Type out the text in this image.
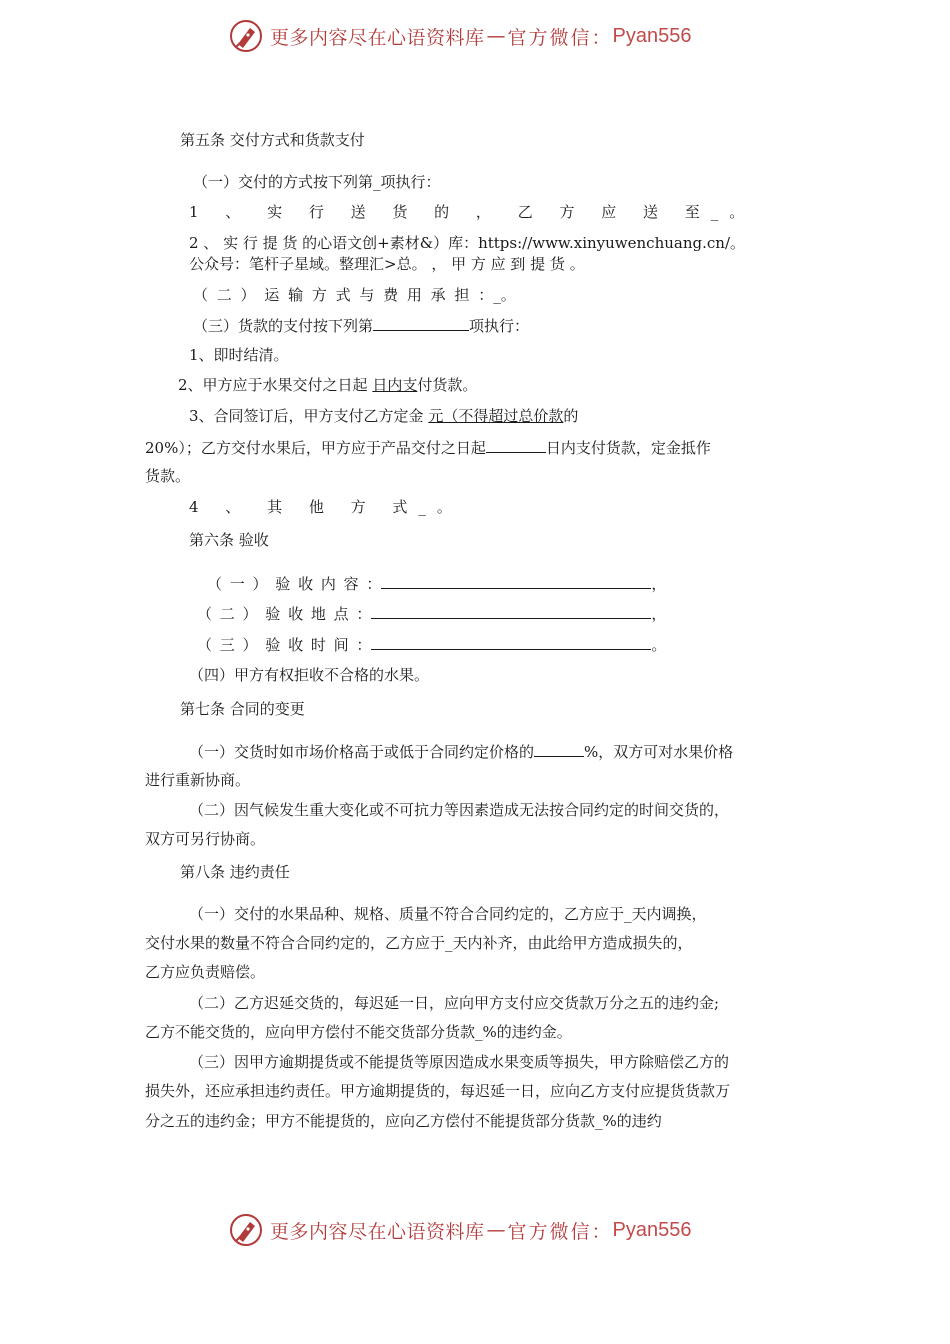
更多内容尽在心语资料库 — 官方微信： Pyan556
第五条 交付方式和货款支付
（一）交付的方式按下列第_项执行：
1 、 实 行 送 货 的 ， 乙 方 应 送 至_。
2 、 实 行 提 货 的心语文创+素材&）库：https://www.xinyuwenchuang.cn/。
公众号：笔杆子星域。整理汇>总。 ， 甲 方 应 到 提 货 。
（ 二 ） 运 输 方 式 与 费 用 承 担 ：_。
（三）货款的支付按下列第	项执行：
1、即时结清。
2、甲方应于水果交付之日起 日内支付货款。
3、合同签订后，甲方支付乙方定金 元（不得超过总价款的
20%）；乙方交付水果后，甲方应于产品交付之日起	日内支付货款，定金抵作
货款。
4 、 其 他 方 式_。
第六条 验收
（ 一 ） 验 收 内 容 ：	，
（ 二 ） 验 收 地 点 ：	，
（ 三 ） 验 收 时 间 ：	。
（四）甲方有权拒收不合格的水果。
第七条 合同的变更
（一）交货时如市场价格高于或低于合同约定价格的	%，双方可对水果价格
进行重新协商。
（二）因气候发生重大变化或不可抗力等因素造成无法按合同约定的时间交货的，
双方可另行协商。
第八条 违约责任
（一）交付的水果品种、规格、质量不符合合同约定的，乙方应于_天内调换，
交付水果的数量不符合合同约定的，乙方应于_天内补齐，由此给甲方造成损失的，
乙方应负责赔偿。
（二）乙方迟延交货的，每迟延一日，应向甲方支付应交货款万分之五的违约金;
乙方不能交货的，应向甲方偿付不能交货部分货款_%的违约金。
（三）因甲方逾期提货或不能提货等原因造成水果变质等损失，甲方除赔偿乙方的
损失外，还应承担违约责任。甲方逾期提货的，每迟延一日，应向乙方支付应提货货款万
分之五的违约金；甲方不能提货的，应向乙方偿付不能提货部分货款_%的违约
更多内容尽在心语资料库 — 官方微信： Pyan556
